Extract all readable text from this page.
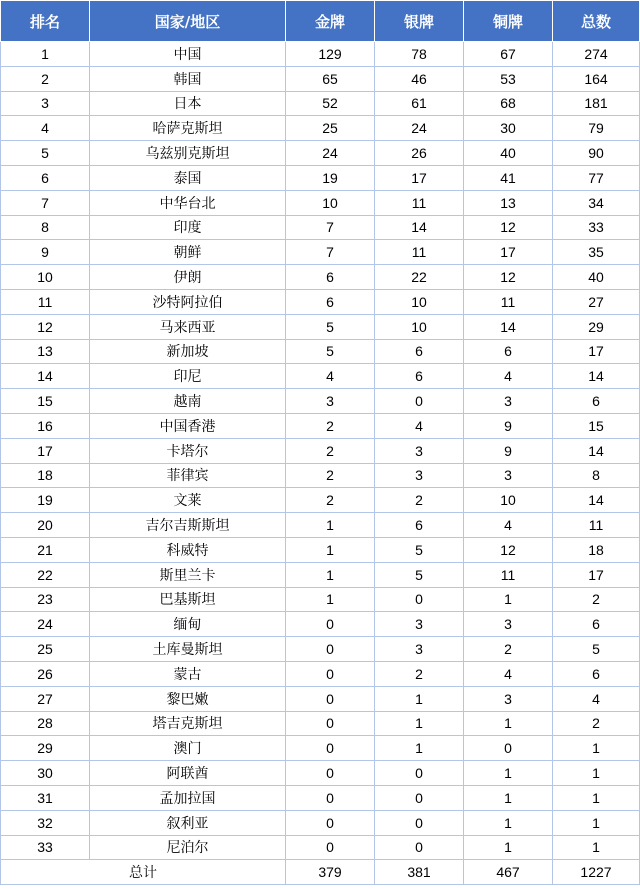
排名	国家/地区	金牌	银牌	铜牌	总数
1	中国	129	78	67	274
2	韩国	65	46	53	164
3	日本	52	61	68	181
4	哈萨克斯坦	25	24	30	79
5	乌兹别克斯坦	24	26	40	90
6	泰国	19	17	41	77
7	中华台北	10	11	13	34
8	印度	7	14	12	33
9	朝鲜	7	11	17	35
10	伊朗	6	22	12	40
11	沙特阿拉伯	6	10	11	27
12	马来西亚	5	10	14	29
13	新加坡	5	6	6	17
14	印尼	4	6	4	14
15	越南	3	0	3	6
16	中国香港	2	4	9	15
17	卡塔尔	2	3	9	14
18	菲律宾	2	3	3	8
19	文莱	2	2	10	14
20	吉尔吉斯斯坦	1	6	4	11
21	科威特	1	5	12	18
22	斯里兰卡	1	5	11	17
23	巴基斯坦	1	0	1	2
24	缅甸	0	3	3	6
25	土库曼斯坦	0	3	2	5
26	蒙古	0	2	4	6
27	黎巴嫩	0	1	3	4
28	塔吉克斯坦	0	1	1	2
29	澳门	0	1	0	1
30	阿联酋	0	0	1	1
31	孟加拉国	0	0	1	1
32	叙利亚	0	0	1	1
33	尼泊尔	0	0	1	1
总计		379	381	467	1227
